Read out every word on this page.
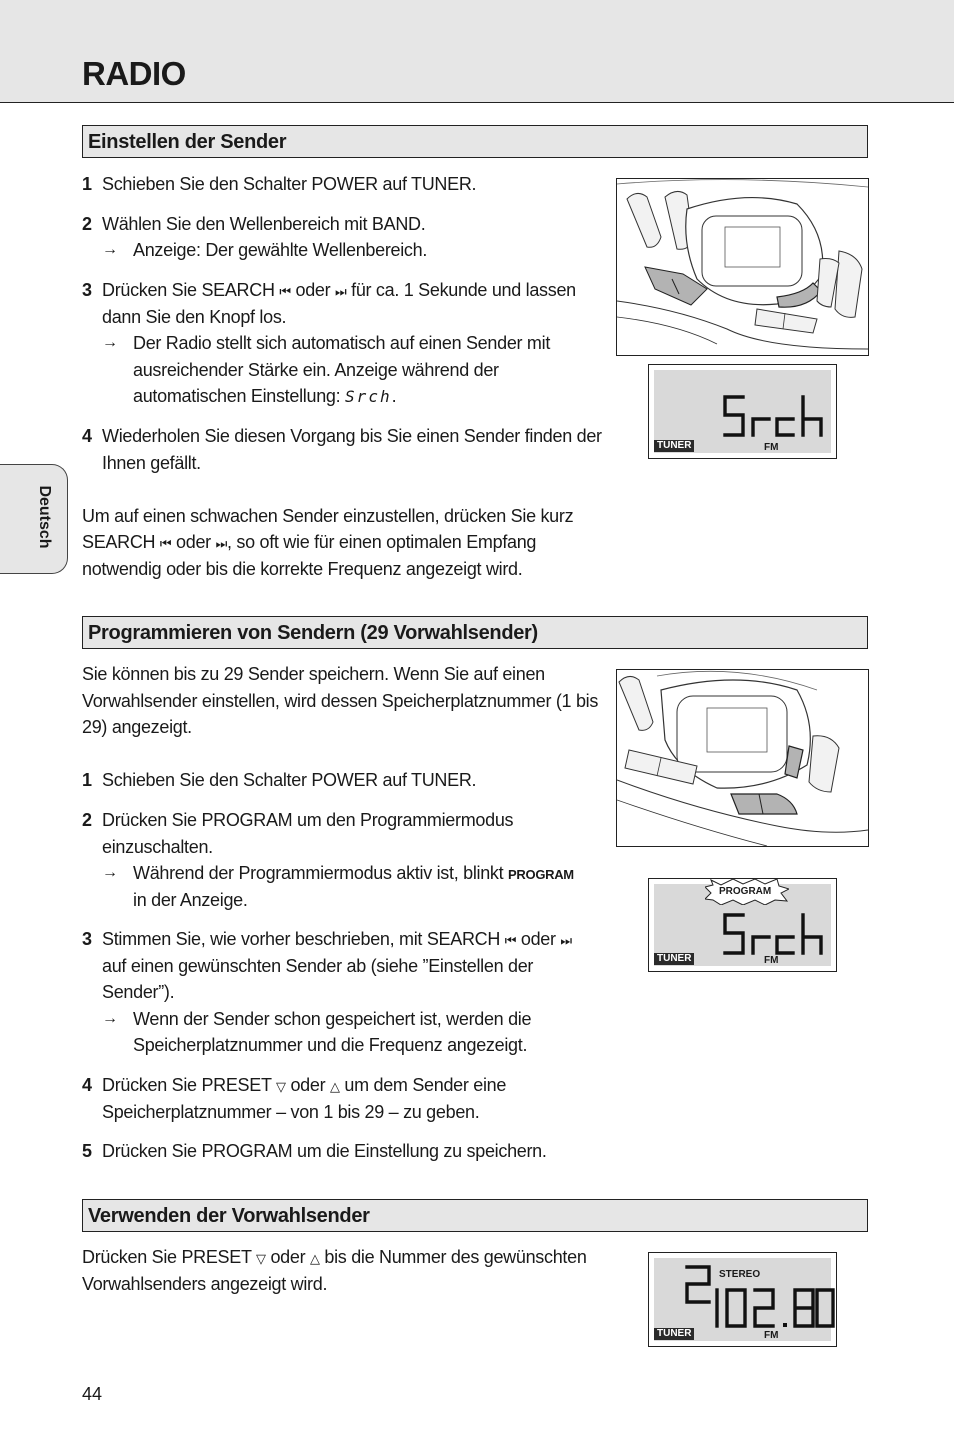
RADIO
Deutsch
Einstellen der Sender
1 Schieben Sie den Schalter POWER auf TUNER.
2 Wählen Sie den Wellenbereich mit BAND.
→ Anzeige: Der gewählte Wellenbereich.
3 Drücken Sie SEARCH ⏮ oder ⏭ für ca. 1 Sekunde und lassen
dann Sie den Knopf los.
→ Der Radio stellt sich automatisch auf einen Sender mit
ausreichender Stärke ein. Anzeige während der
automatischen Einstellung: Srch.
4 Wiederholen Sie diesen Vorgang bis Sie einen Sender finden der
Ihnen gefällt.
Um auf einen schwachen Sender einzustellen, drücken Sie kurz
SEARCH ⏮ oder ⏭, so oft wie für einen optimalen Empfang
notwendig oder bis die korrekte Frequenz angezeigt wird.
TUNER	FM
Programmieren von Sendern (29 Vorwahlsender)
Sie können bis zu 29 Sender speichern. Wenn Sie auf einen
Vorwahlsender einstellen, wird dessen Speicherplatznummer (1 bis
29) angezeigt.
1 Schieben Sie den Schalter POWER auf TUNER.
2 Drücken Sie PROGRAM um den Programmiermodus
einzuschalten.
→ Während der Programmiermodus aktiv ist, blinkt PROGRAM
in der Anzeige.
3 Stimmen Sie, wie vorher beschrieben, mit SEARCH ⏮ oder ⏭
auf einen gewünschten Sender ab (siehe ”Einstellen der
Sender”).
→ Wenn der Sender schon gespeichert ist, werden die
Speicherplatznummer und die Frequenz angezeigt.
4 Drücken Sie PRESET ▽ oder △ um dem Sender eine
Speicherplatznummer – von 1 bis 29 – zu geben.
5 Drücken Sie PROGRAM um die Einstellung zu speichern.
PROGRAM
TUNER	FM
Verwenden der Vorwahlsender
Drücken Sie PRESET ▽ oder △ bis die Nummer des gewünschten
Vorwahlsenders angezeigt wird.	STEREO
TUNER	FM
44
